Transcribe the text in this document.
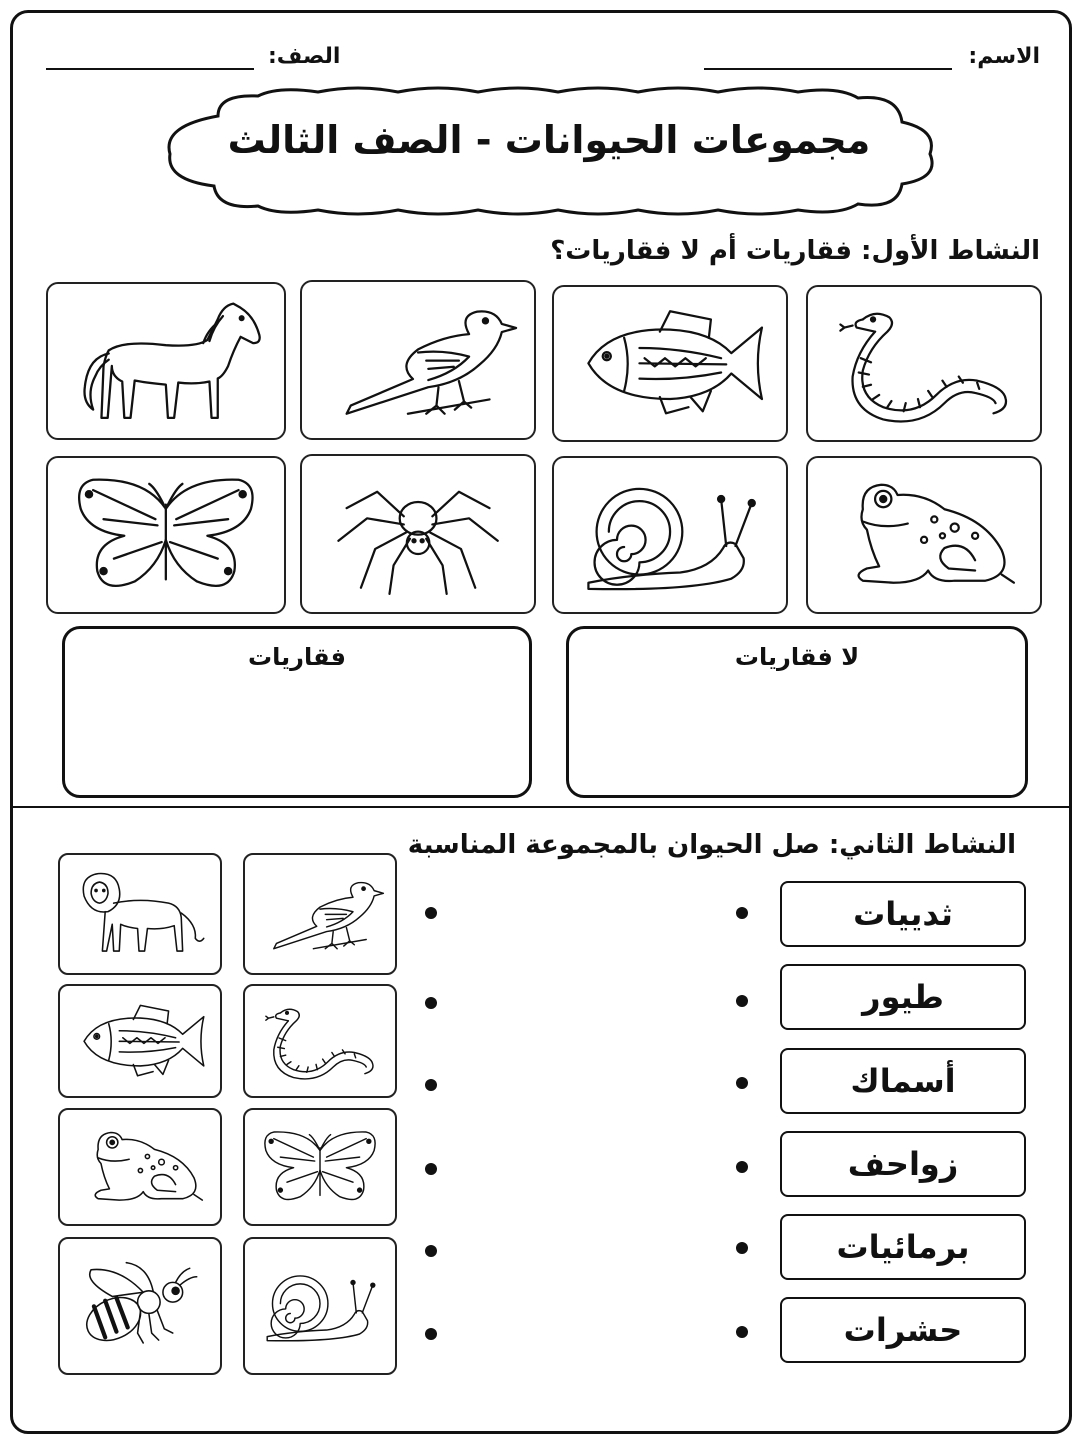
الاسم:
الصف:
مجموعات الحيوانات - الصف الثالث
النشاط الأول: فقاريات أم لا فقاريات؟
لا فقاريات
فقاريات
النشاط الثاني: صل الحيوان بالمجموعة المناسبة
ثدييات
طيور
أسماك
زواحف
برمائيات
حشرات
